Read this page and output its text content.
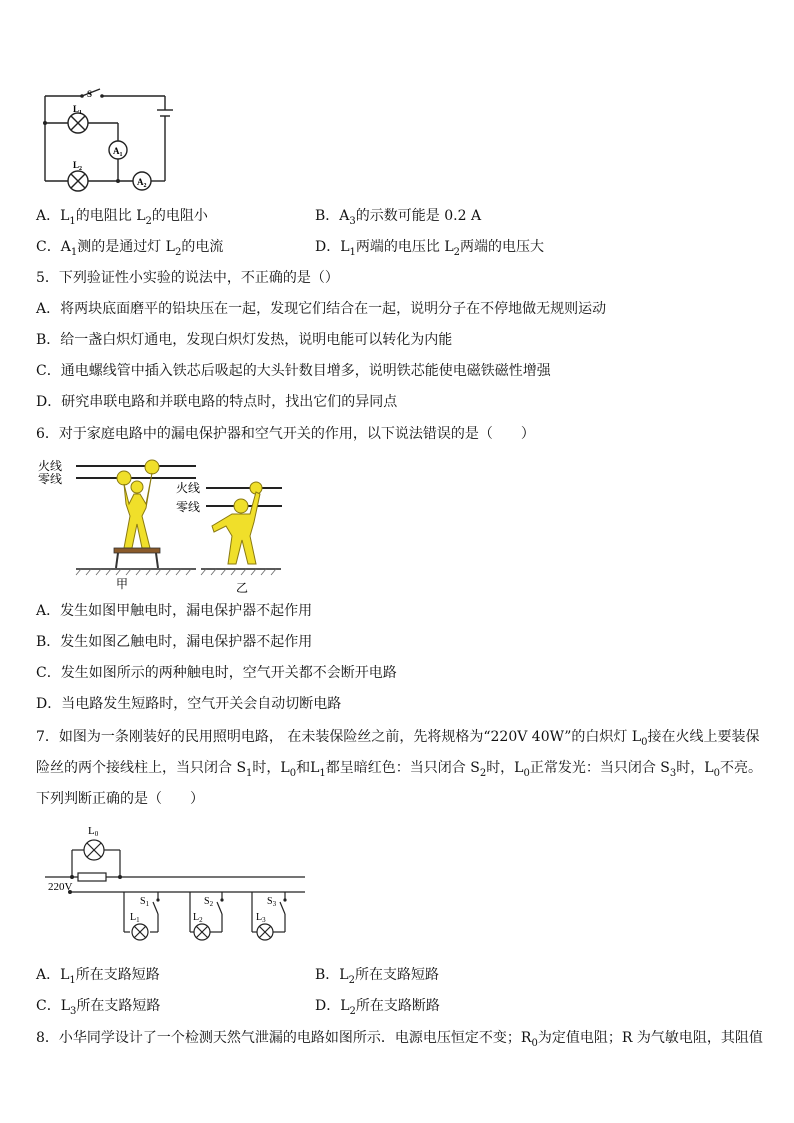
S
$L_1$
$L_2$
$A_1$
$A_2$
A．$L_1$的电阻比 $L_2$的电阻小	B．$A_3$的示数可能是 0.2 A
C．$A_1$测的是通过灯 $L_2$的电流	D．$L_1$两端的电压比 $L_2$两端的电压大
5．下列验证性小实验的说法中，不正确的是（）
A．将两块底面磨平的铅块压在一起，发现它们结合在一起，说明分子在不停地做无规则运动
B．给一盏白炽灯通电，发现白炽灯发热，说明电能可以转化为内能
C．通电螺线管中插入铁芯后吸起的大头针数目增多，说明铁芯能使电磁铁磁性增强
D．研究串联电路和并联电路的特点时，找出它们的异同点
6．对于家庭电路中的漏电保护器和空气开关的作用，以下说法错误的是（　　）
火线
零线
甲
火线
零线
乙
A．发生如图甲触电时，漏电保护器不起作用
B．发生如图乙触电时，漏电保护器不起作用
C．发生如图所示的两种触电时，空气开关都不会断开电路
D．当电路发生短路时，空气开关会自动切断电路
7．如图为一条刚装好的民用照明电路， 在未装保险丝之前，先将规格为“220V 40W”的白炽灯 $L_0$接在火线上要装保
险丝的两个接线柱上，当只闭合 $S_1$时，$L_0$和$L_1$都呈暗红色：当只闭合 $S_2$时，$L_0$正常发光：当只闭合 $S_3$时，$L_0$不亮。
下列判断正确的是（　　）
L0
220V
$S_1$	$S_2$	$S_3$
$L_1$	$L_2$	$L_3$
A．$L_1$所在支路短路	B．$L_2$所在支路短路
C．$L_3$所在支路短路	D．$L_2$所在支路断路
8．小华同学设计了一个检测天然气泄漏的电路如图所示．电源电压恒定不变；$R_0$为定值电阻；R 为气敏电阻，其阻值
